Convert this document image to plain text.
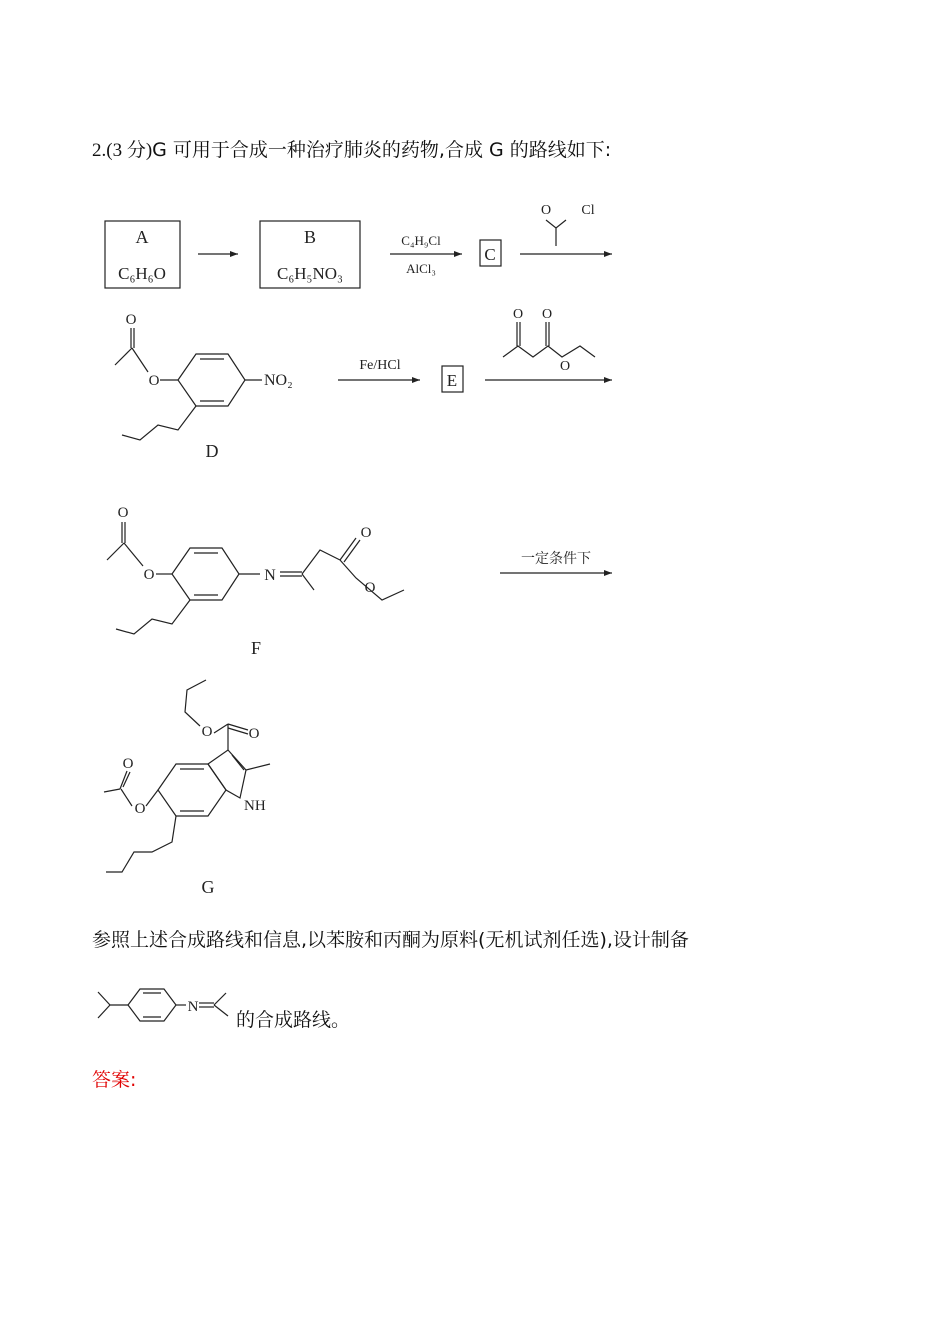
2.(3 分)G 可用于合成一种治疗肺炎的药物,合成 G 的路线如下:
A
C₆H₆O
B
C₆H₅NO₃
C₄H₉Cl
AlCl₃
C
O Cl
O
O	NO₂
D
Fe/HCl
E
O O
O
O
O	N
O
O
F
一定条件下
O O
O
O	NH
G
N
参照上述合成路线和信息,以苯胺和丙酮为原料(无机试剂任选),设计制备
的合成路线。
答案:
